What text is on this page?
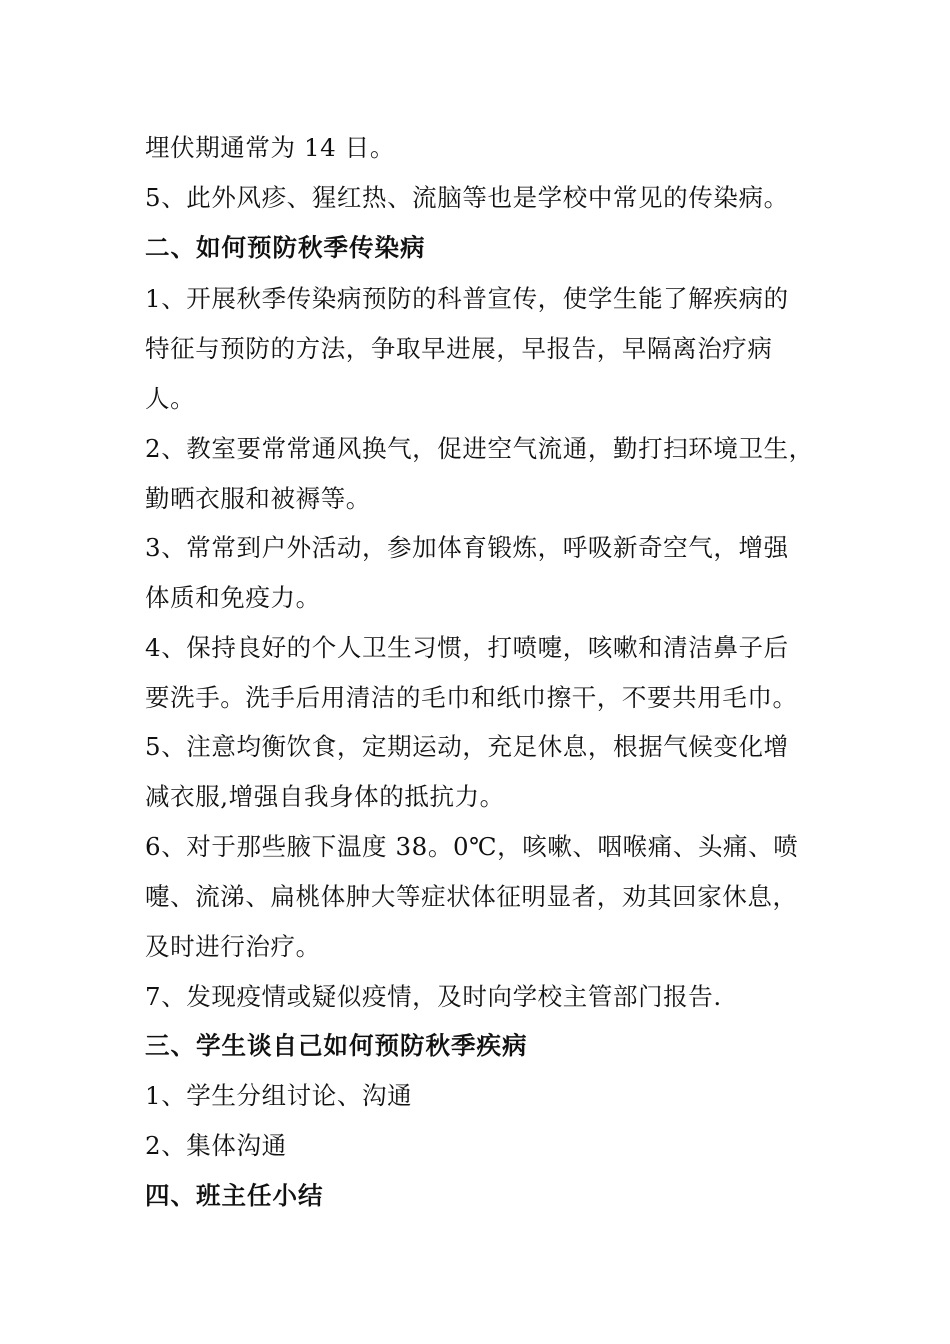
埋伏期通常为 14 日。
5、此外风疹、猩红热、流脑等也是学校中常见的传染病。
二、如何预防秋季传染病
1、开展秋季传染病预防的科普宣传，使学生能了解疾病的
特征与预防的方法，争取早进展，早报告，早隔离治疗病
人。
2、教室要常常通风换气，促进空气流通，勤打扫环境卫生，
勤晒衣服和被褥等。
3、常常到户外活动，参加体育锻炼，呼吸新奇空气，增强
体质和免疫力。
4、保持良好的个人卫生习惯，打喷嚏，咳嗽和清洁鼻子后
要洗手。洗手后用清洁的毛巾和纸巾擦干，不要共用毛巾。
5、注意均衡饮食，定期运动，充足休息，根据气候变化增
减衣服,增强自我身体的抵抗力。
6、对于那些腋下温度 38。0℃，咳嗽、咽喉痛、头痛、喷
嚏、流涕、扁桃体肿大等症状体征明显者，劝其回家休息，
及时进行治疗。
7、发现疫情或疑似疫情，及时向学校主管部门报告.
三、学生谈自己如何预防秋季疾病
1、学生分组讨论、沟通
2、集体沟通
四、班主任小结
